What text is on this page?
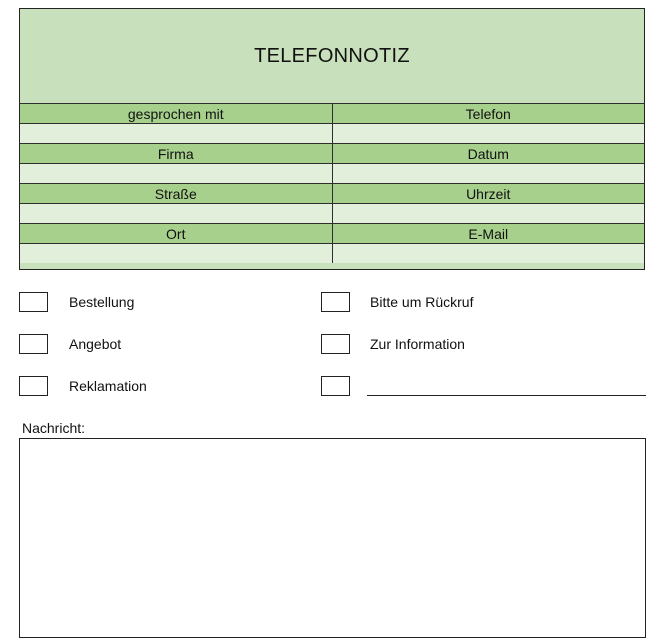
TELEFONNOTIZ
gesprochen mit	Telefon
Firma	Datum
Straße	Uhrzeit
Ort	E-Mail
Bestellung	Bitte um Rückruf
Angebot	Zur Information
Reklamation
Nachricht:
